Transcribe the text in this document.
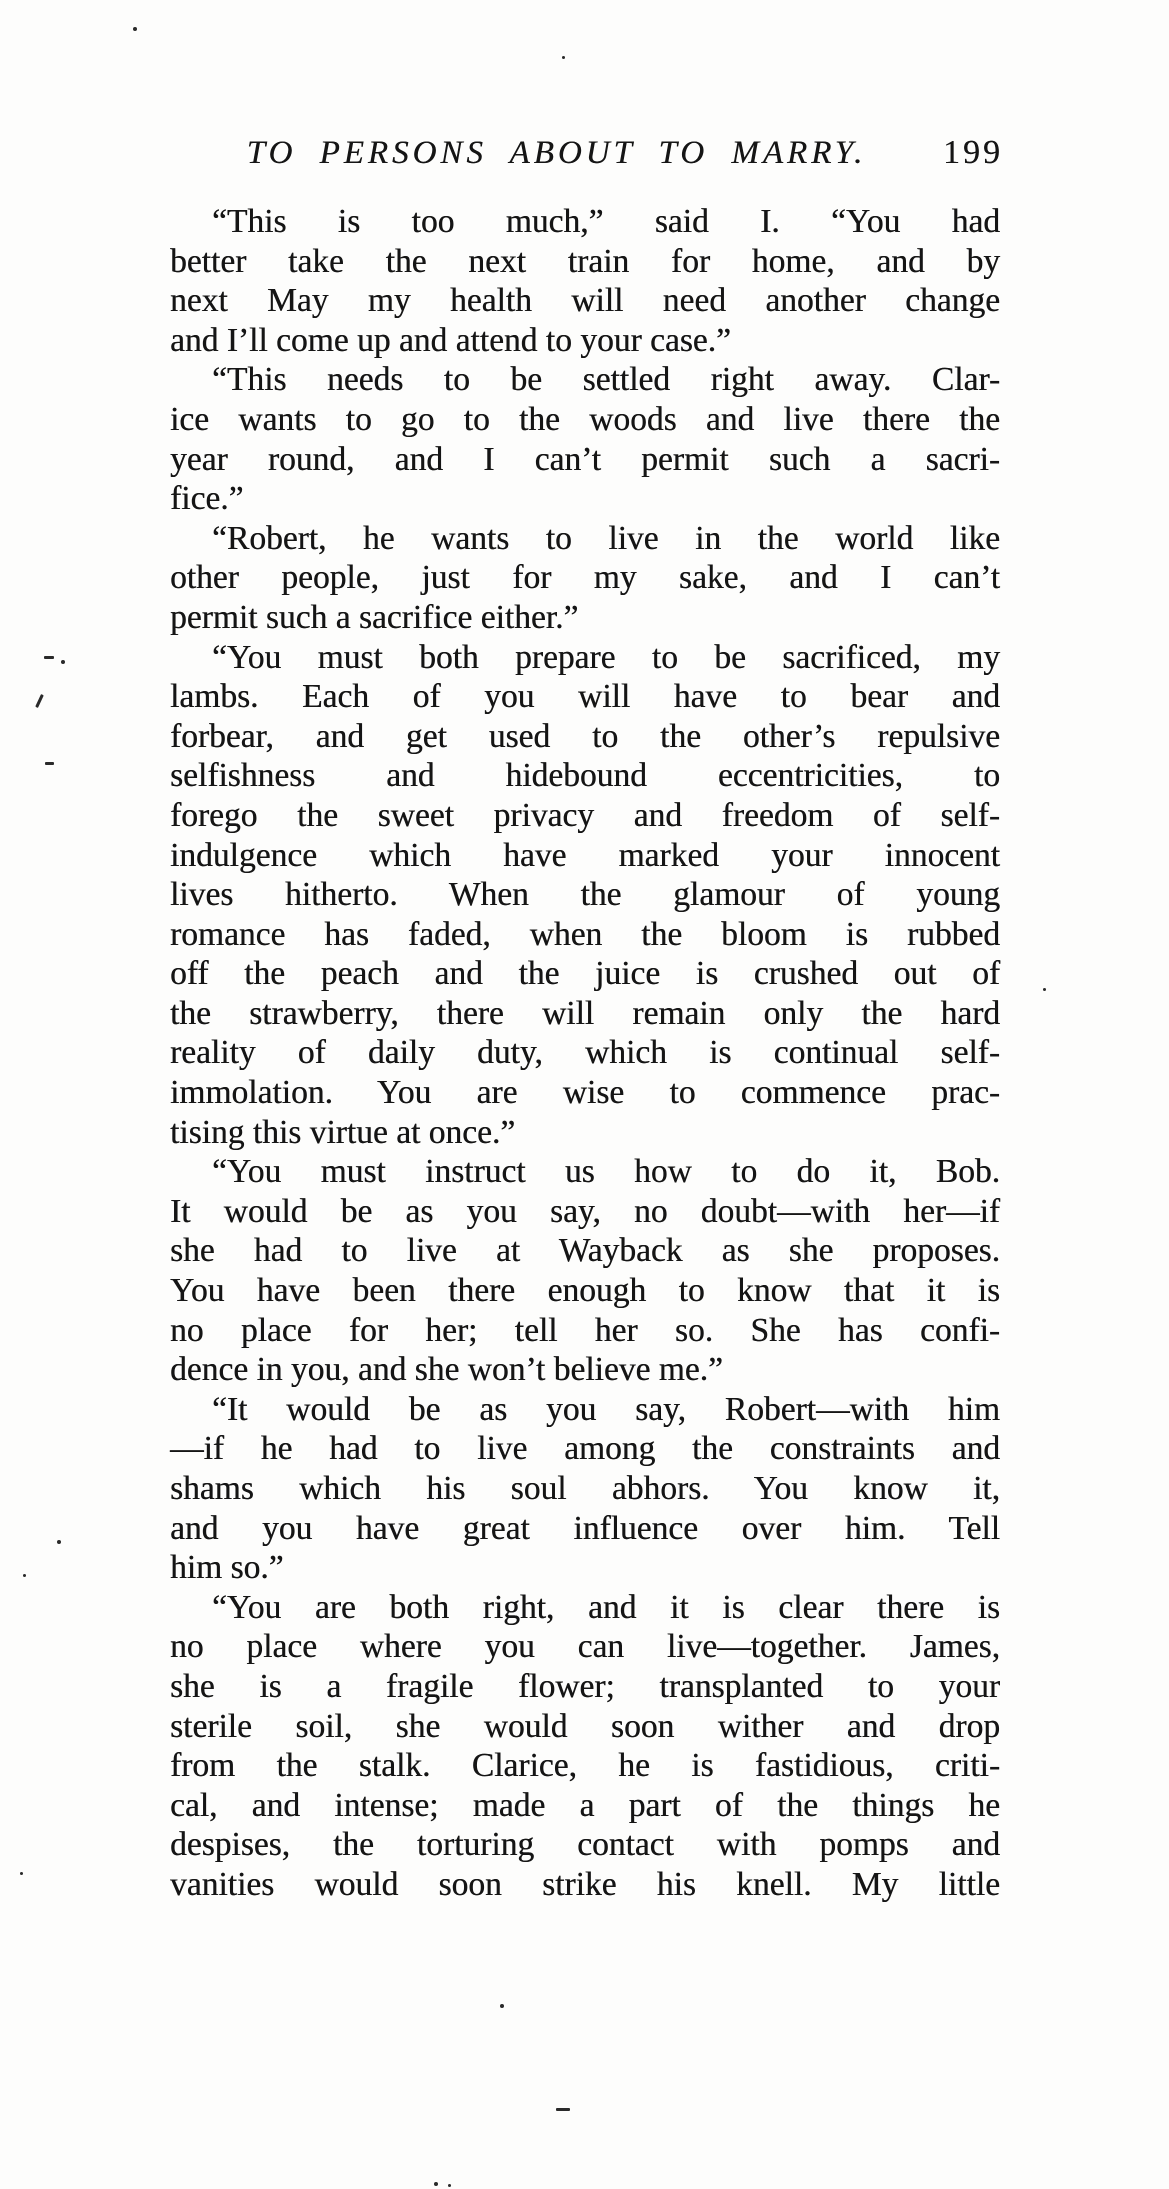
TO PERSONS ABOUT TO MARRY.	199
“This is too much,” said I. “You had
better take the next train for home, and by
next May my health will need another change
and I’ll come up and attend to your case.”
“This needs to be settled right away. Clar-
ice wants to go to the woods and live there the
year round, and I can’t permit such a sacri-
fice.”
“Robert, he wants to live in the world like
other people, just for my sake, and I can’t
permit such a sacrifice either.”
“You must both prepare to be sacrificed, my
lambs. Each of you will have to bear and
forbear, and get used to the other’s repulsive
selfishness and hidebound eccentricities, to
forego the sweet privacy and freedom of self-
indulgence which have marked your innocent
lives hitherto. When the glamour of young
romance has faded, when the bloom is rubbed
off the peach and the juice is crushed out of
the strawberry, there will remain only the hard
reality of daily duty, which is continual self-
immolation. You are wise to commence prac-
tising this virtue at once.”
“You must instruct us how to do it, Bob.
It would be as you say, no doubt—with her—if
she had to live at Wayback as she proposes.
You have been there enough to know that it is
no place for her; tell her so. She has confi-
dence in you, and she won’t believe me.”
“It would be as you say, Robert—with him
—if he had to live among the constraints and
shams which his soul abhors. You know it,
and you have great influence over him. Tell
him so.”
“You are both right, and it is clear there is
no place where you can live—together. James,
she is a fragile flower; transplanted to your
sterile soil, she would soon wither and drop
from the stalk. Clarice, he is fastidious, criti-
cal, and intense; made a part of the things he
despises, the torturing contact with pomps and
vanities would soon strike his knell. My little
